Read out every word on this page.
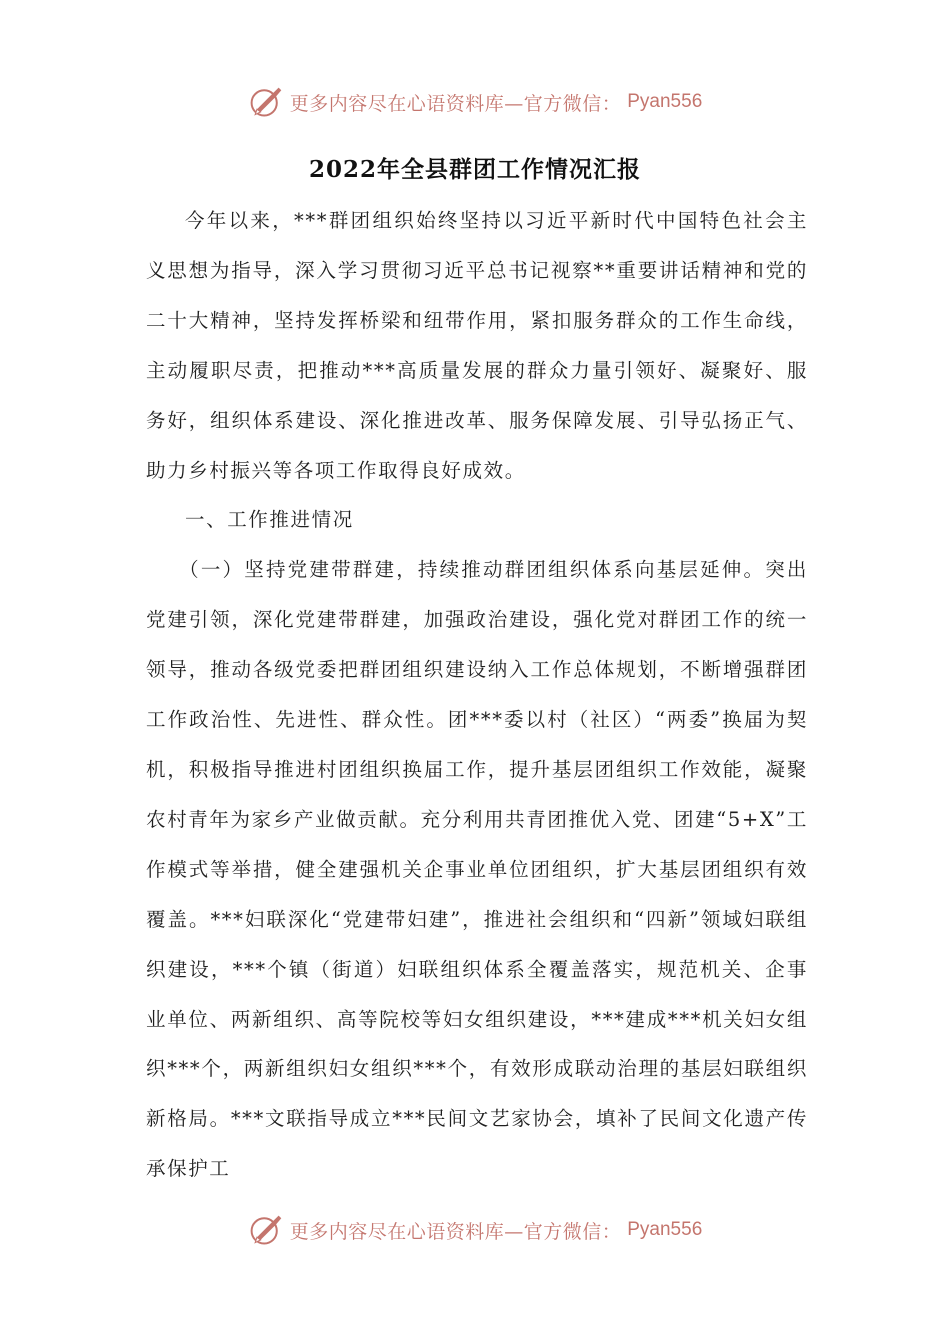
更多内容尽在心语资料库—官方微信： Pyan556
2022年全县群团工作情况汇报

今年以来，***群团组织始终坚持以习近平新时代中国特色社会主义思想为指导，深入学习贯彻习近平总书记视察**重要讲话精神和党的二十大精神，坚持发挥桥梁和纽带作用，紧扣服务群众的工作生命线，主动履职尽责，把推动***高质量发展的群众力量引领好、凝聚好、服务好，组织体系建设、深化推进改革、服务保障发展、引导弘扬正气、助力乡村振兴等各项工作取得良好成效。

一、工作推进情况

（一）坚持党建带群建，持续推动群团组织体系向基层延伸。突出党建引领，深化党建带群建，加强政治建设，强化党对群团工作的统一领导，推动各级党委把群团组织建设纳入工作总体规划，不断增强群团工作政治性、先进性、群众性。团***委以村（社区）“两委”换届为契机，积极指导推进村团组织换届工作，提升基层团组织工作效能，凝聚农村青年为家乡产业做贡献。充分利用共青团推优入党、团建“5+X”工作模式等举措，健全建强机关企事业单位团组织，扩大基层团组织有效覆盖。***妇联深化“党建带妇建”，推进社会组织和“四新”领域妇联组织建设，***个镇（街道）妇联组织体系全覆盖落实，规范机关、企事业单位、两新组织、高等院校等妇女组织建设，***建成***机关妇女组织***个，两新组织妇女组织***个，有效形成联动治理的基层妇联组织新格局。***文联指导成立***民间文艺家协会，填补了民间文化遗产传承保护工

更多内容尽在心语资料库—官方微信： Pyan556
